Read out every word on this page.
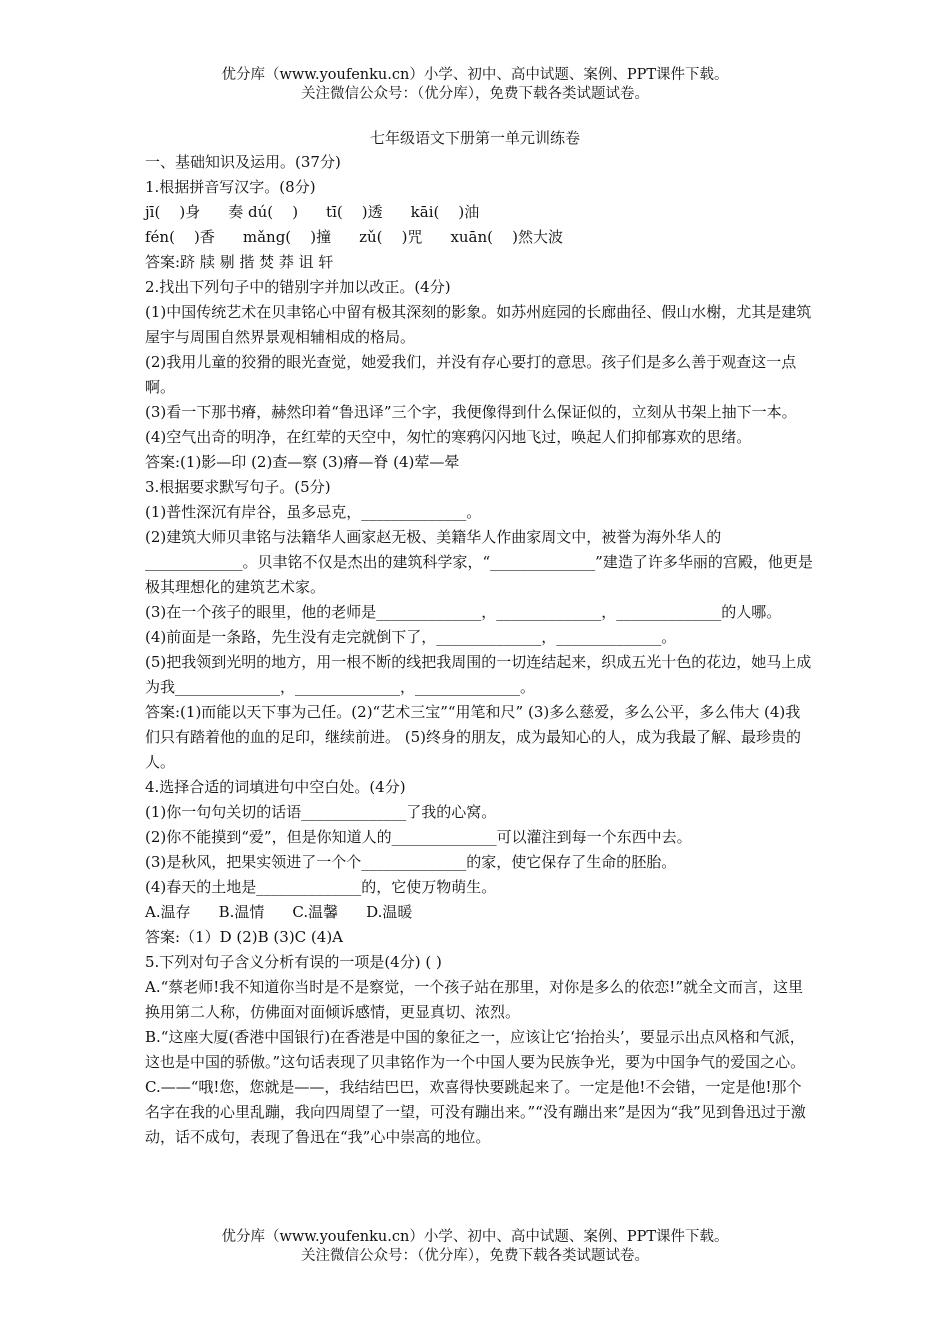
优分库（www.youfenku.cn）小学、初中、高中试题、案例、PPT课件下载。
关注微信公众号：（优分库），免费下载各类试题试卷。
七年级语文下册第一单元训练卷

一、基础知识及运用。(37分)

1.根据拼音写汉字。(8分)

jī(    )身 奏 dú(    ) tī(    )透 kāi(    )油

fén(    )香 mǎng(    )撞 zǔ(    )咒 xuān(    )然大波

答案:跻 牍 剔 揩 焚 莽 诅 轩

2.找出下列句子中的错别字并加以改正。(4分)

(1)中国传统艺术在贝聿铭心中留有极其深刻的影象。如苏州庭园的长廊曲径、假山水榭，尤其是建筑屋宇与周围自然界景观相辅相成的格局。

(2)我用儿童的狡猾的眼光查觉，她爱我们，并没有存心要打的意思。孩子们是多么善于观查这一点啊。

(3)看一下那书瘠，赫然印着“鲁迅译”三个字，我便像得到什么保证似的，立刻从书架上抽下一本。

(4)空气出奇的明净，在红荤的天空中，匆忙的寒鸦闪闪地飞过，唤起人们抑郁寡欢的思绪。

答案:(1)影—印 (2)查—察 (3)瘠—脊 (4)荤—晕

3.根据要求默写句子。(5分)

(1)普性深沉有岸谷，虽多忌克，______________。

(2)建筑大师贝聿铭与法籍华人画家赵无极、美籍华人作曲家周文中，被誉为海外华人的_____________。贝聿铭不仅是杰出的建筑科学家，“______________”建造了许多华丽的宫殿，他更是极其理想化的建筑艺术家。

(3)在一个孩子的眼里，他的老师是______________，______________，______________的人哪。

(4)前面是一条路，先生没有走完就倒下了，______________，______________。

(5)把我领到光明的地方，用一根不断的线把我周围的一切连结起来，织成五光十色的花边，她马上成为我______________，______________，______________。

答案:(1)而能以天下事为己任。(2)“艺术三宝”“用笔和尺” (3)多么慈爱，多么公平，多么伟大 (4)我们只有踏着他的血的足印，继续前进。 (5)终身的朋友，成为最知心的人，成为我最了解、最珍贵的人。

4.选择合适的词填进句中空白处。(4分)

(1)你一句句关切的话语______________了我的心窝。

(2)你不能摸到“爱”，但是你知道人的______________可以灌注到每一个东西中去。

(3)是秋风，把果实领进了一个个______________的家，使它保存了生命的胚胎。

(4)春天的土地是______________的，它使万物萌生。

A.温存 B.温情 C.温馨 D.温暖

答案:（1）D (2)B (3)C (4)A

5.下列对句子含义分析有误的一项是(4分) ( )

A.“蔡老师!我不知道你当时是不是察觉，一个孩子站在那里，对你是多么的依恋!”就全文而言，这里换用第二人称，仿佛面对面倾诉感情，更显真切、浓烈。

B.“这座大厦(香港中国银行)在香港是中国的象征之一，应该让它‘抬抬头’，要显示出点风格和气派，这也是中国的骄傲。”这句话表现了贝聿铭作为一个中国人要为民族争光，要为中国争气的爱国之心。

C.——“哦!您，您就是——，我结结巴巴，欢喜得快要跳起来了。一定是他!不会错，一定是他!那个名字在我的心里乱蹦，我向四周望了一望，可没有蹦出来。”“没有蹦出来”是因为“我”见到鲁迅过于激动，话不成句，表现了鲁迅在“我”心中崇高的地位。

优分库（www.youfenku.cn）小学、初中、高中试题、案例、PPT课件下载。
关注微信公众号：（优分库），免费下载各类试题试卷。
